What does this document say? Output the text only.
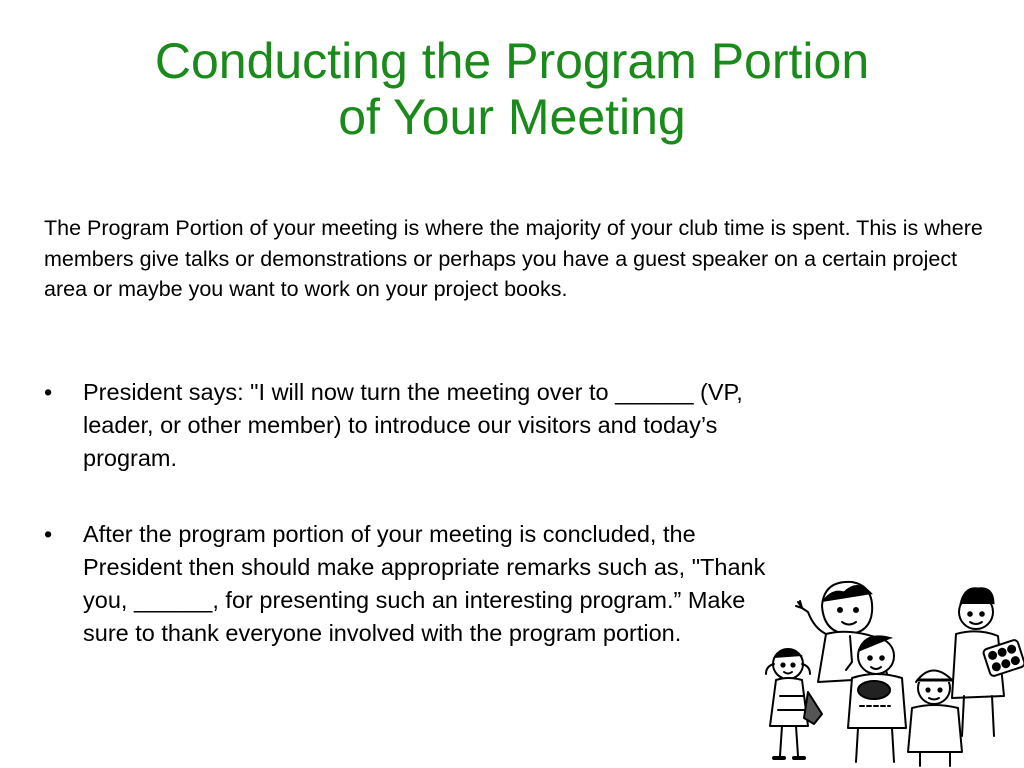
Conducting the Program Portion
of Your Meeting

The Program Portion of your meeting is where the majority of your club time is spent. This is where members give talks or demonstrations or perhaps you have a guest speaker on a certain project area or maybe you want to work on your project books.

• President says: "I will now turn the meeting over to ______ (VP, leader, or other member) to introduce our visitors and today’s program.
• After the program portion of your meeting is concluded, the President then should make appropriate remarks such as, "Thank you, ______, for presenting such an interesting program.” Make sure to thank everyone involved with the program portion.
